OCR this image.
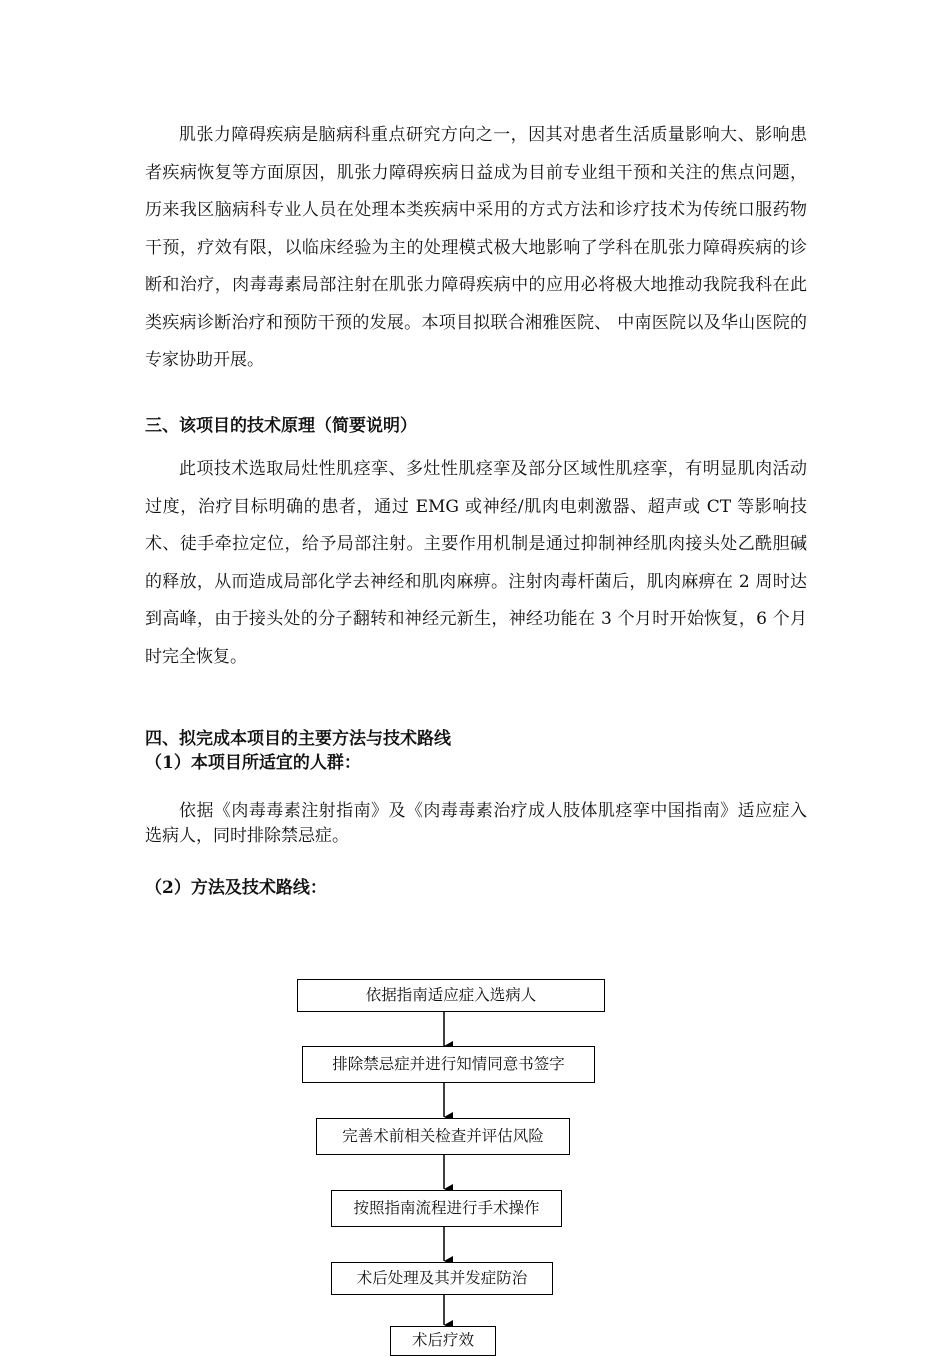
肌张力障碍疾病是脑病科重点研究方向之一，因其对患者生活质量影响大、影响患者疾病恢复等方面原因，肌张力障碍疾病日益成为目前专业组干预和关注的焦点问题，历来我区脑病科专业人员在处理本类疾病中采用的方式方法和诊疗技术为传统口服药物干预，疗效有限，以临床经验为主的处理模式极大地影响了学科在肌张力障碍疾病的诊断和治疗，肉毒毒素局部注射在肌张力障碍疾病中的应用必将极大地推动我院我科在此类疾病诊断治疗和预防干预的发展。本项目拟联合湘雅医院、 中南医院以及华山医院的专家协助开展。

三、该项目的技术原理（简要说明）

此项技术选取局灶性肌痉挛、多灶性肌痉挛及部分区域性肌痉挛，有明显肌肉活动过度，治疗目标明确的患者，通过 EMG 或神经/肌肉电刺激器、超声或 CT 等影响技术、徒手牵拉定位，给予局部注射。主要作用机制是通过抑制神经肌肉接头处乙酰胆碱的释放，从而造成局部化学去神经和肌肉麻痹。注射肉毒杆菌后，肌肉麻痹在 2 周时达到高峰，由于接头处的分子翻转和神经元新生，神经功能在 3 个月时开始恢复，6 个月时完全恢复。

四、拟完成本项目的主要方法与技术路线
（1）本项目所适宜的人群：

依据《肉毒毒素注射指南》及《肉毒毒素治疗成人肢体肌痉挛中国指南》适应症入选病人，同时排除禁忌症。

（2）方法及技术路线：
依据指南适应症入选病人
排除禁忌症并进行知情同意书签字
完善术前相关检查并评估风险
按照指南流程进行手术操作
术后处理及其并发症防治
术后疗效
